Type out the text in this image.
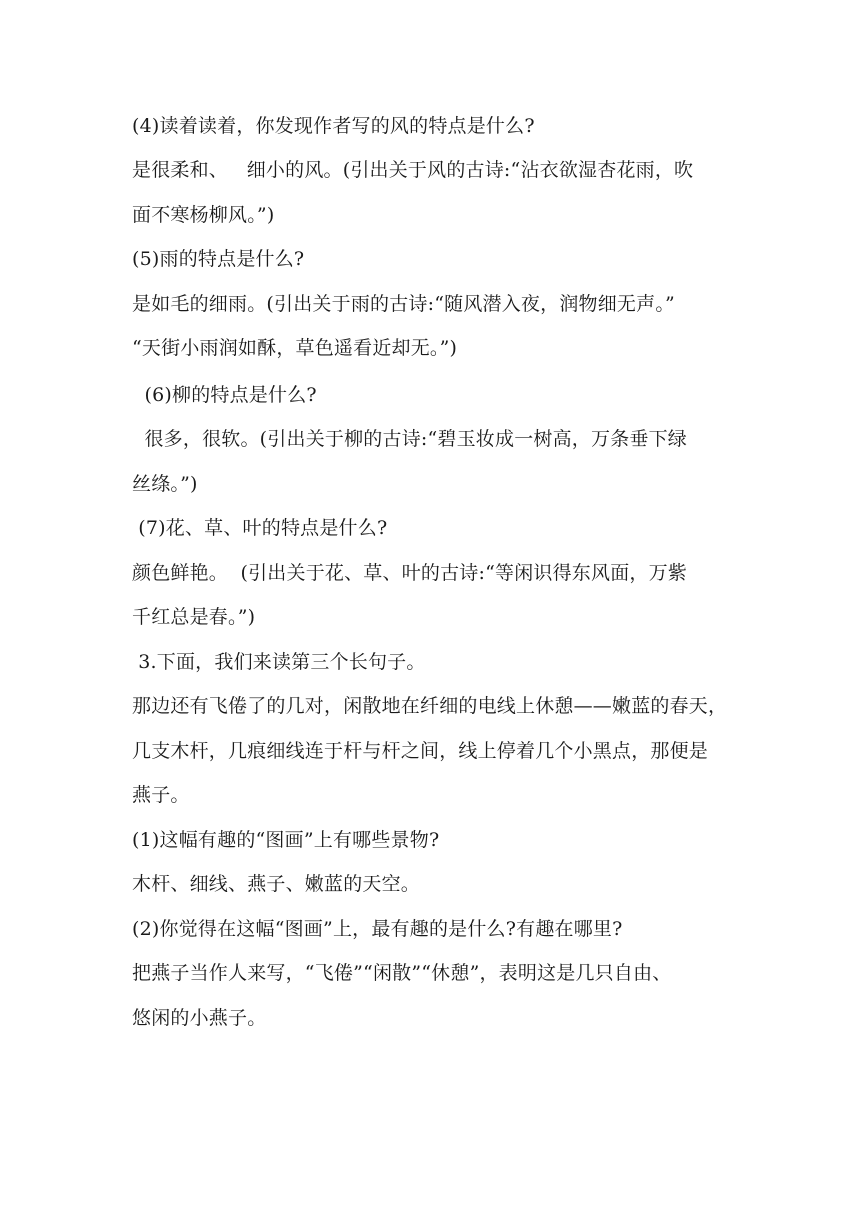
(4)读着读着，你发现作者写的风的特点是什么?
是很柔和、   细小的风。(引出关于风的古诗:“沾衣欲湿杏花雨，吹
面不寒杨柳风。”)
(5)雨的特点是什么?
是如毛的细雨。(引出关于雨的古诗:“随风潜入夜，润物细无声。”
“天街小雨润如酥，草色遥看近却无。”)
(6)柳的特点是什么?
很多，很软。(引出关于柳的古诗:“碧玉妆成一树高，万条垂下绿
丝绦。”)
(7)花、草、叶的特点是什么?
颜色鲜艳。  (引出关于花、草、叶的古诗:“等闲识得东风面，万紫
千红总是春。”)
3.下面，我们来读第三个长句子。
那边还有飞倦了的几对，闲散地在纤细的电线上休憩——嫩蓝的春天，
几支木杆，几痕细线连于杆与杆之间，线上停着几个小黑点，那便是
燕子。
(1)这幅有趣的“图画”上有哪些景物?
木杆、细线、燕子、嫩蓝的天空。
(2)你觉得在这幅“图画”上，最有趣的是什么?有趣在哪里?
把燕子当作人来写，“飞倦”“闲散”“休憩”，表明这是几只自由、
悠闲的小燕子。
